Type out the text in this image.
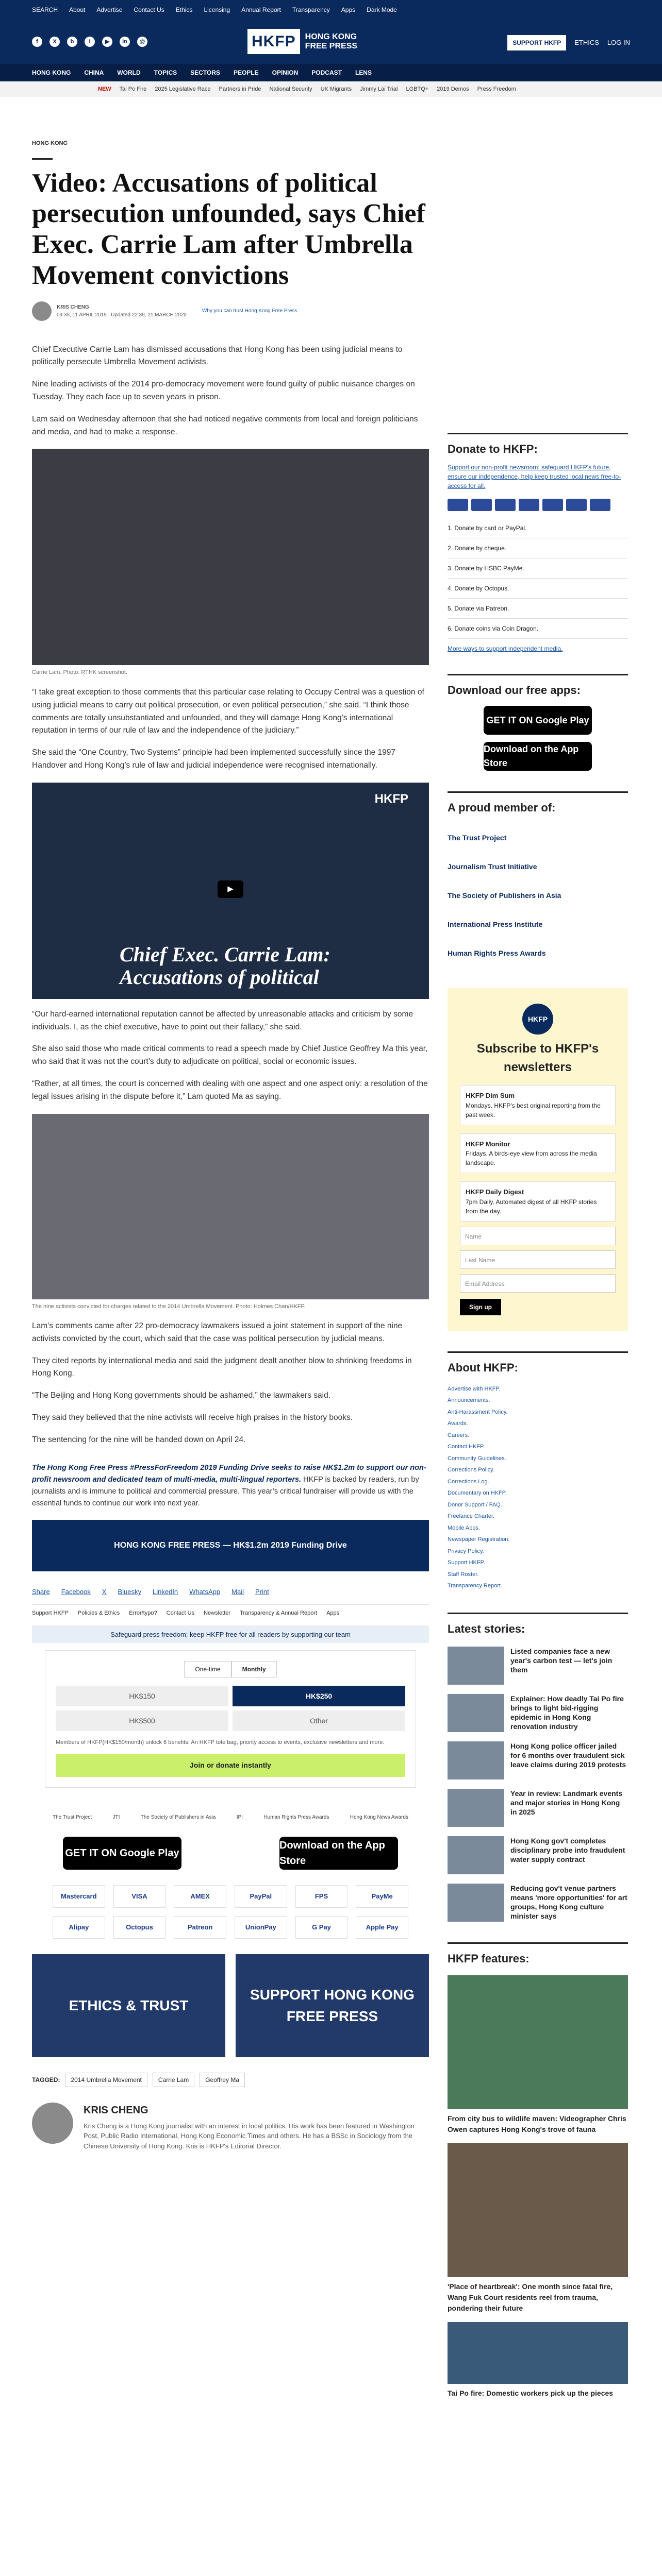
SEARCH About Advertise Contact Us Ethics Licensing Annual Report Transparency Apps Dark Mode
f	X	b	i	▶	in	@	HKFP	HONG KONG
FREE PRESS	SUPPORT HKFP	ETHICS LOG IN
HONG KONG CHINA WORLD TOPICS SECTORS PEOPLE OPINION PODCAST LENS
NEW Tai Po Fire 2025 Legislative Race Partners in Pride National Security UK Migrants Jimmy Lai Trial LGBTQ+ 2019 Demos Press Freedom
HONG KONG
Video: Accusations of political persecution unfounded, says Chief Exec. Carrie Lam after Umbrella Movement convictions
KRIS CHENG
09:35, 11 APRIL 2019 Updated 22:39, 21 MARCH 2020
Why you can trust Hong Kong Free Press

Chief Executive Carrie Lam has dismissed accusations that Hong Kong has been using judicial means to politically persecute Umbrella Movement activists.

Nine leading activists of the 2014 pro-democracy movement were found guilty of public nuisance charges on Tuesday. They each face up to seven years in prison.

Lam said on Wednesday afternoon that she had noticed negative comments from local and foreign politicians and media, and had to make a response.

Carrie Lam. Photo: RTHK screenshot.

“I take great exception to those comments that this particular case relating to Occupy Central was a question of using judicial means to carry out political prosecution, or even political persecution,” she said. “I think those comments are totally unsubstantiated and unfounded, and they will damage Hong Kong’s international reputation in terms of our rule of law and the independence of the judiciary.”

She said the “One Country, Two Systems” principle had been implemented successfully since the 1997 Handover and Hong Kong’s rule of law and judicial independence were recognised internationally.

HKFP
▶
Chief Exec. Carrie Lam: Accusations of political

“Our hard-earned international reputation cannot be affected by unreasonable attacks and criticism by some individuals. I, as the chief executive, have to point out their fallacy,” she said.

She also said those who made critical comments to read a speech made by Chief Justice Geoffrey Ma this year, who said that it was not the court’s duty to adjudicate on political, social or economic issues.

“Rather, at all times, the court is concerned with dealing with one aspect and one aspect only: a resolution of the legal issues arising in the dispute before it,” Lam quoted Ma as saying.

The nine activists convicted for charges related to the 2014 Umbrella Movement. Photo: Holmes Chan/HKFP.

Lam’s comments came after 22 pro-democracy lawmakers issued a joint statement in support of the nine activists convicted by the court, which said that the case was political persecution by judicial means.

They cited reports by international media and said the judgment dealt another blow to shrinking freedoms in Hong Kong.

“The Beijing and Hong Kong governments should be ashamed,” the lawmakers said.

They said they believed that the nine activists will receive high praises in the history books.

The sentencing for the nine will be handed down on April 24.

The Hong Kong Free Press #PressForFreedom 2019 Funding Drive seeks to raise HK$1.2m to support our non-profit newsroom and dedicated team of multi-media, multi-lingual reporters. HKFP is backed by readers, run by journalists and is immune to political and commercial pressure. This year’s critical fundraiser will provide us with the essential funds to continue our work into next year.

HONG KONG FREE PRESS — HK$1.2m 2019 Funding Drive
Share Facebook X Bluesky LinkedIn WhatsApp Mail Print
Support HKFP Policies & Ethics Error/typo? Contact Us Newsletter Transparency & Annual Report Apps
Safeguard press freedom; keep HKFP free for all readers by supporting our team
One-time	Monthly
HK$150	HK$250
HK$500	Other
Members of HKFP(HK$150/month) unlock 6 benefits: An HKFP tote bag, priority access to events, exclusive newsletters and more.
Join or donate instantly
The Trust Project	JTI	The Society of Publishers in Asia	IPI	Human Rights Press Awards	Hong Kong News Awards
GET IT ON Google Play
Download on the App Store
Mastercard	VISA	AMEX	PayPal	FPS	PayMe
Alipay	Octopus	Patreon	UnionPay	G Pay	Apple Pay
ETHICS & TRUST
SUPPORT HONG KONG FREE PRESS
TAGGED:	2014 Umbrella Movement	Carrie Lam	Geoffrey Ma
KRIS CHENG

Kris Cheng is a Hong Kong journalist with an interest in local politics. His work has been featured in Washington Post, Public Radio International, Hong Kong Economic Times and others. He has a BSSc in Sociology from the Chinese University of Hong Kong. Kris is HKFP's Editorial Director.

Donate to HKFP:
Support our non-profit newsroom: safeguard HKFP's future, ensure our independence, help keep trusted local news free-to-access for all.
1. Donate by card or PayPal.
2. Donate by cheque.
3. Donate by HSBC PayMe.
4. Donate by Octopus.
5. Donate via Patreon.
6. Donate coins via Coin Dragon.
More ways to support independent media.
Download our free apps:
GET IT ON Google Play
Download on the App Store
A proud member of:
The Trust Project
Journalism Trust Initiative
The Society of Publishers in Asia
International Press Institute
Human Rights Press Awards
HKFP
Subscribe to HKFP's newsletters
HKFP Dim Sum
Mondays. HKFP's best original reporting from the past week.
HKFP Monitor
Fridays. A birds-eye view from across the media landscape.
HKFP Daily Digest
7pm Daily. Automated digest of all HKFP stories from the day.
Name
Last Name
Email Address
Sign up
About HKFP:
Advertise with HKFP.
Announcements.
Anti-Harassment Policy.
Awards.
Careers.
Contact HKFP.
Community Guidelines.
Corrections Policy.
Corrections Log.
Documentary on HKFP.
Donor Support / FAQ.
Freelance Charter.
Mobile Apps.
Newspaper Registration.
Privacy Policy.
Support HKFP.
Staff Roster.
Transparency Report.
Latest stories:
Listed companies face a new year's carbon test — let's join them
Explainer: How deadly Tai Po fire brings to light bid-rigging epidemic in Hong Kong renovation industry
Hong Kong police officer jailed for 6 months over fraudulent sick leave claims during 2019 protests
Year in review: Landmark events and major stories in Hong Kong in 2025
Hong Kong gov't completes disciplinary probe into fraudulent water supply contract
Reducing gov't venue partners means 'more opportunities' for art groups, Hong Kong culture minister says
HKFP features:
From city bus to wildlife maven: Videographer Chris Owen captures Hong Kong's trove of fauna
'Place of heartbreak': One month since fatal fire, Wang Fuk Court residents reel from trauma, pondering their future
Tai Po fire: Domestic workers pick up the pieces
